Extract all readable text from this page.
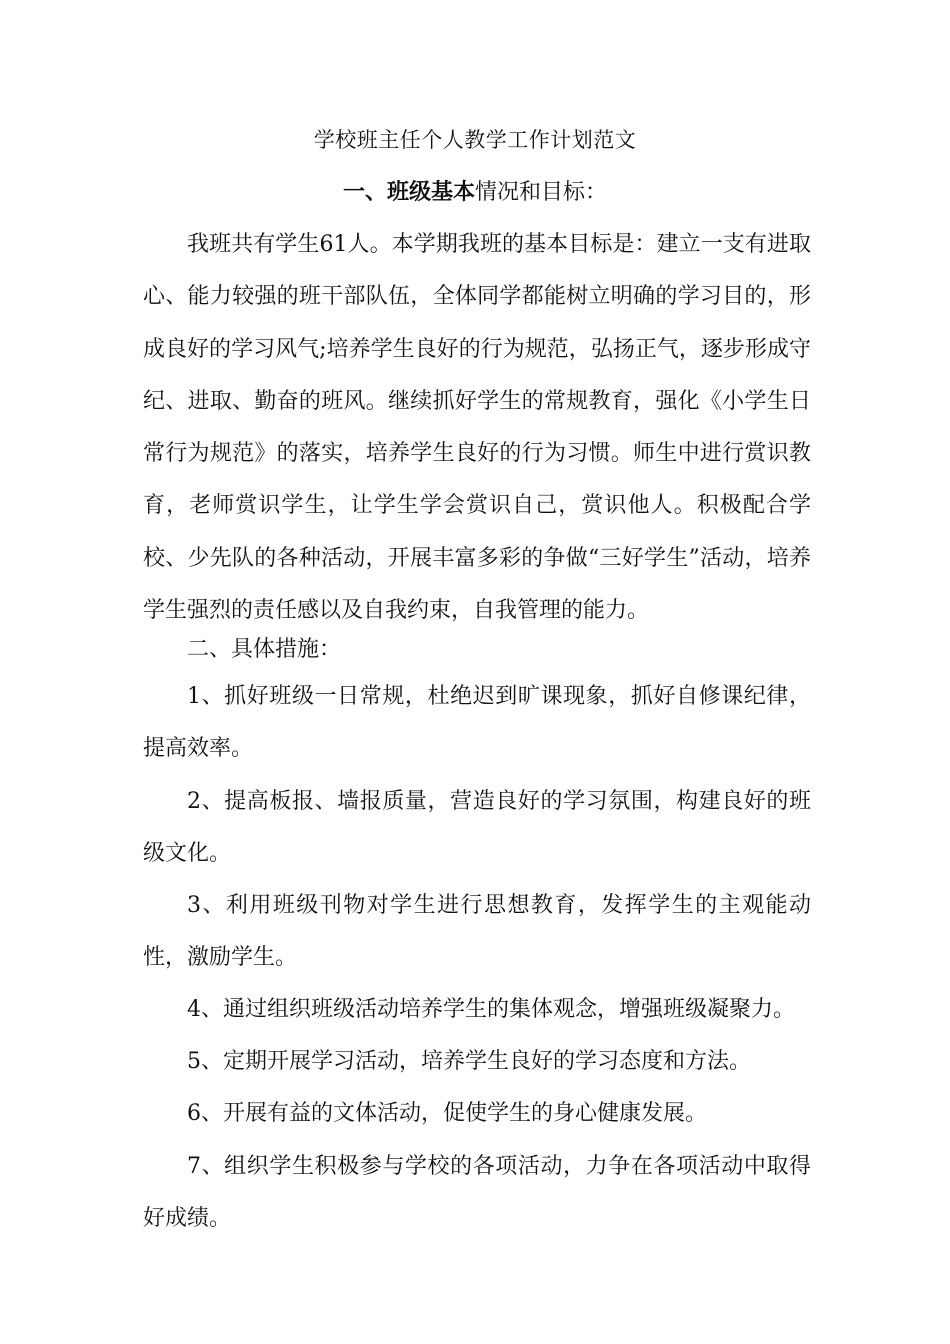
学校班主任个人教学工作计划范文
一、班级基本情况和目标：

我班共有学生61人。本学期我班的基本目标是：建立一支有进取心、能力较强的班干部队伍，全体同学都能树立明确的学习目的，形成良好的学习风气;培养学生良好的行为规范，弘扬正气，逐步形成守纪、进取、勤奋的班风。继续抓好学生的常规教育，强化《小学生日常行为规范》的落实，培养学生良好的行为习惯。师生中进行赏识教育，老师赏识学生，让学生学会赏识自己，赏识他人。积极配合学校、少先队的各种活动，开展丰富多彩的争做“三好学生”活动，培养学生强烈的责任感以及自我约束，自我管理的能力。

二、具体措施：

1、抓好班级一日常规，杜绝迟到旷课现象，抓好自修课纪律，提高效率。

2、提高板报、墙报质量，营造良好的学习氛围，构建良好的班级文化。

3、利用班级刊物对学生进行思想教育，发挥学生的主观能动性，激励学生。

4、通过组织班级活动培养学生的集体观念，增强班级凝聚力。

5、定期开展学习活动，培养学生良好的学习态度和方法。

6、开展有益的文体活动，促使学生的身心健康发展。

7、组织学生积极参与学校的各项活动，力争在各项活动中取得好成绩。
